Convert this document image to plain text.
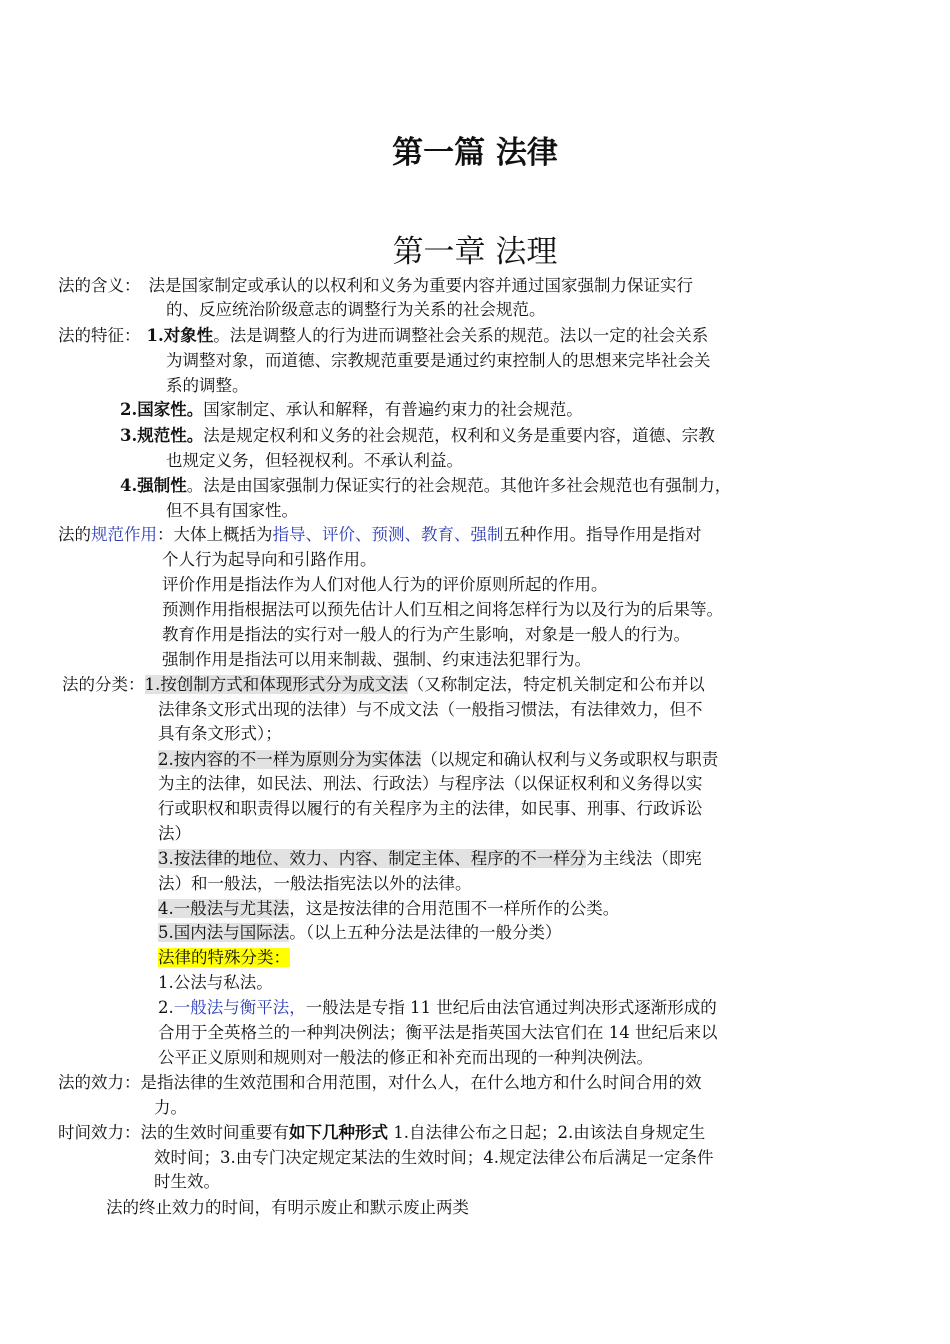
第一篇 法律
第一章 法理
法的含义： 法是国家制定或承认的以权利和义务为重要内容并通过国家强制力保证实行
的、反应统治阶级意志的调整行为关系的社会规范。
法的特征： 1.对象性。法是调整人的行为进而调整社会关系的规范。法以一定的社会关系
为调整对象，而道德、宗教规范重要是通过约束控制人的思想来完毕社会关
系的调整。
2.国家性。国家制定、承认和解释，有普遍约束力的社会规范。
3.规范性。法是规定权利和义务的社会规范，权利和义务是重要内容，道德、宗教
也规定义务，但轻视权利。不承认利益。
4.强制性。法是由国家强制力保证实行的社会规范。其他许多社会规范也有强制力，
但不具有国家性。
法的规范作用：大体上概括为指导、评价、预测、教育、强制五种作用。指导作用是指对
个人行为起导向和引路作用。
评价作用是指法作为人们对他人行为的评价原则所起的作用。
预测作用指根据法可以预先估计人们互相之间将怎样行为以及行为的后果等。
教育作用是指法的实行对一般人的行为产生影响，对象是一般人的行为。
强制作用是指法可以用来制裁、强制、约束违法犯罪行为。
法的分类：1.按创制方式和体现形式分为成文法（又称制定法，特定机关制定和公布并以
法律条文形式出现的法律）与不成文法（一般指习惯法，有法律效力，但不
具有条文形式）；
2.按内容的不一样为原则分为实体法（以规定和确认权利与义务或职权与职责
为主的法律，如民法、刑法、行政法）与程序法（以保证权利和义务得以实
行或职权和职责得以履行的有关程序为主的法律，如民事、刑事、行政诉讼
法）
3.按法律的地位、效力、内容、制定主体、程序的不一样分为主线法（即宪
法）和一般法，一般法指宪法以外的法律。
4.一般法与尤其法，这是按法律的合用范围不一样所作的公类。
5.国内法与国际法。（以上五种分法是法律的一般分类）
法律的特殊分类：
1.公法与私法。
2.一般法与衡平法，一般法是专指 11 世纪后由法官通过判决形式逐渐形成的
合用于全英格兰的一种判决例法；衡平法是指英国大法官们在 14 世纪后来以
公平正义原则和规则对一般法的修正和补充而出现的一种判决例法。
法的效力：是指法律的生效范围和合用范围，对什么人，在什么地方和什么时间合用的效
力。
时间效力：法的生效时间重要有如下几种形式 1.自法律公布之日起；2.由该法自身规定生
效时间；3.由专门决定规定某法的生效时间；4.规定法律公布后满足一定条件
时生效。
法的终止效力的时间，有明示废止和默示废止两类
